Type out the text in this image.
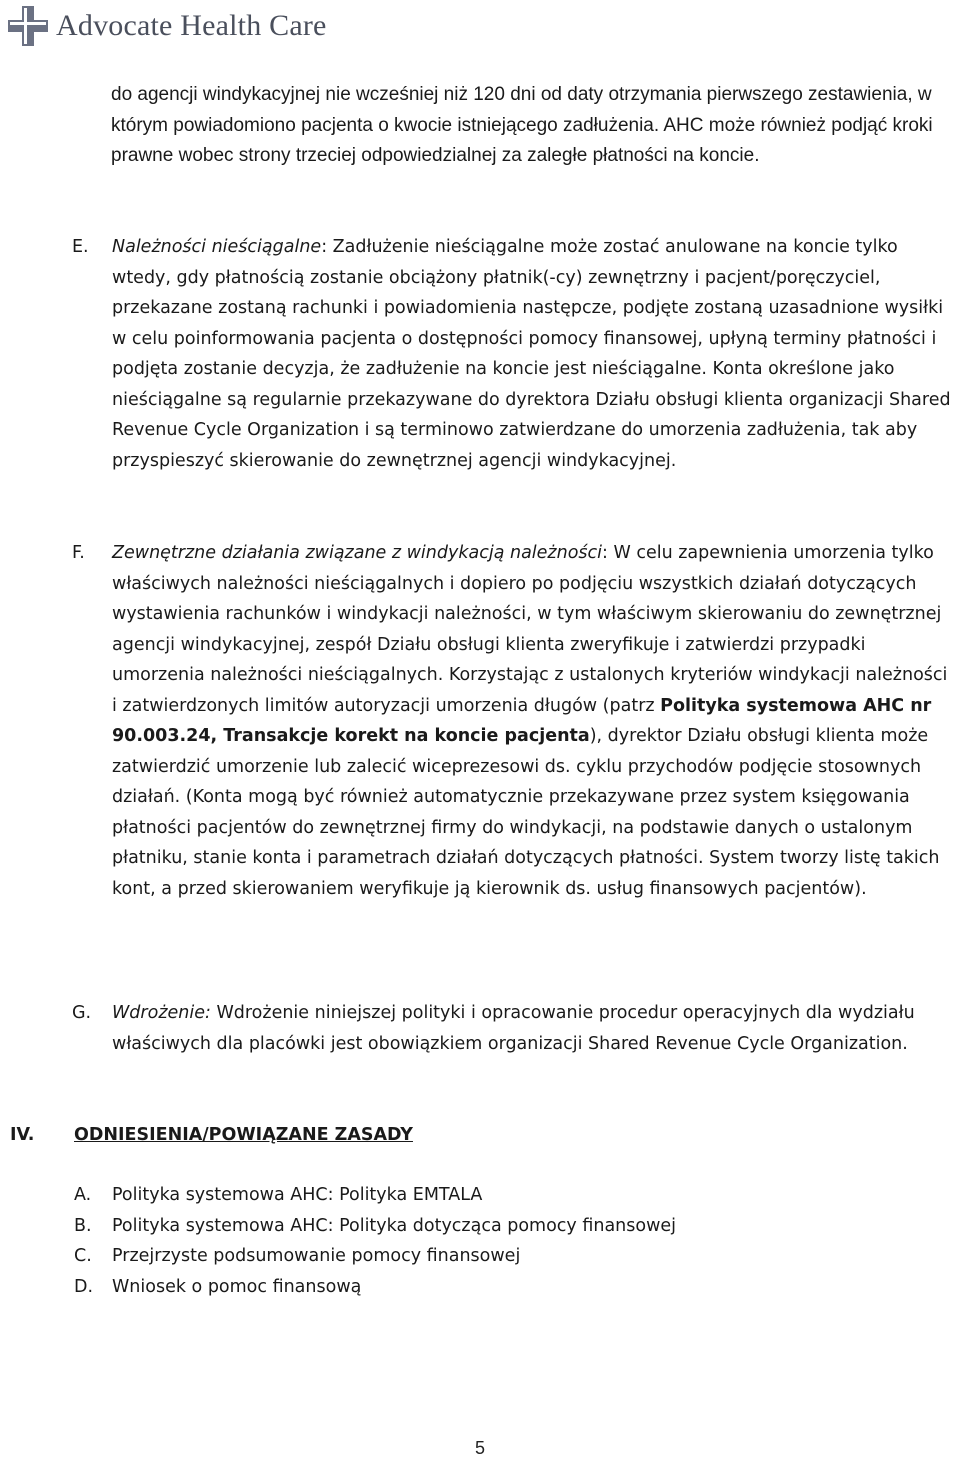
Advocate Health Care
do agencji windykacyjnej nie wcześniej niż 120 dni od daty otrzymania pierwszego zestawienia, w którym powiadomiono pacjenta o kwocie istniejącego zadłużenia. AHC może również podjąć kroki prawne wobec strony trzeciej odpowiedzialnej za zaległe płatności na koncie.
E. Należności nieściągalne: Zadłużenie nieściągalne może zostać anulowane na koncie tylko wtedy, gdy płatnością zostanie obciążony płatnik(-cy) zewnętrzny i pacjent/poręczyciel, przekazane zostaną rachunki i powiadomienia następcze, podjęte zostaną uzasadnione wysiłki w celu poinformowania pacjenta o dostępności pomocy finansowej, upłyną terminy płatności i podjęta zostanie decyzja, że zadłużenie na koncie jest nieściągalne. Konta określone jako nieściągalne są regularnie przekazywane do dyrektora Działu obsługi klienta organizacji Shared Revenue Cycle Organization i są terminowo zatwierdzane do umorzenia zadłużenia, tak aby przyspieszyć skierowanie do zewnętrznej agencji windykacyjnej.
F. Zewnętrzne działania związane z windykacją należności: W celu zapewnienia umorzenia tylko właściwych należności nieściągalnych i dopiero po podjęciu wszystkich działań dotyczących wystawienia rachunków i windykacji należności, w tym właściwym skierowaniu do zewnętrznej agencji windykacyjnej, zespół Działu obsługi klienta zweryfikuje i zatwierdzi przypadki umorzenia należności nieściągalnych. Korzystając z ustalonych kryteriów windykacji należności i zatwierdzonych limitów autoryzacji umorzenia długów (patrz Polityka systemowa AHC nr 90.003.24, Transakcje korekt na koncie pacjenta), dyrektor Działu obsługi klienta może zatwierdzić umorzenie lub zalecić wiceprezesowi ds. cyklu przychodów podjęcie stosownych działań. (Konta mogą być również automatycznie przekazywane przez system księgowania płatności pacjentów do zewnętrznej firmy do windykacji, na podstawie danych o ustalonym płatniku, stanie konta i parametrach działań dotyczących płatności. System tworzy listę takich kont, a przed skierowaniem weryfikuje ją kierownik ds. usług finansowych pacjentów).
G. Wdrożenie: Wdrożenie niniejszej polityki i opracowanie procedur operacyjnych dla wydziału właściwych dla placówki jest obowiązkiem organizacji Shared Revenue Cycle Organization.
IV. ODNIESIENIA/POWIĄZANE ZASADY
A. Polityka systemowa AHC: Polityka EMTALA
B. Polityka systemowa AHC: Polityka dotycząca pomocy finansowej
C. Przejrzyste podsumowanie pomocy finansowej
D. Wniosek o pomoc finansową
5
